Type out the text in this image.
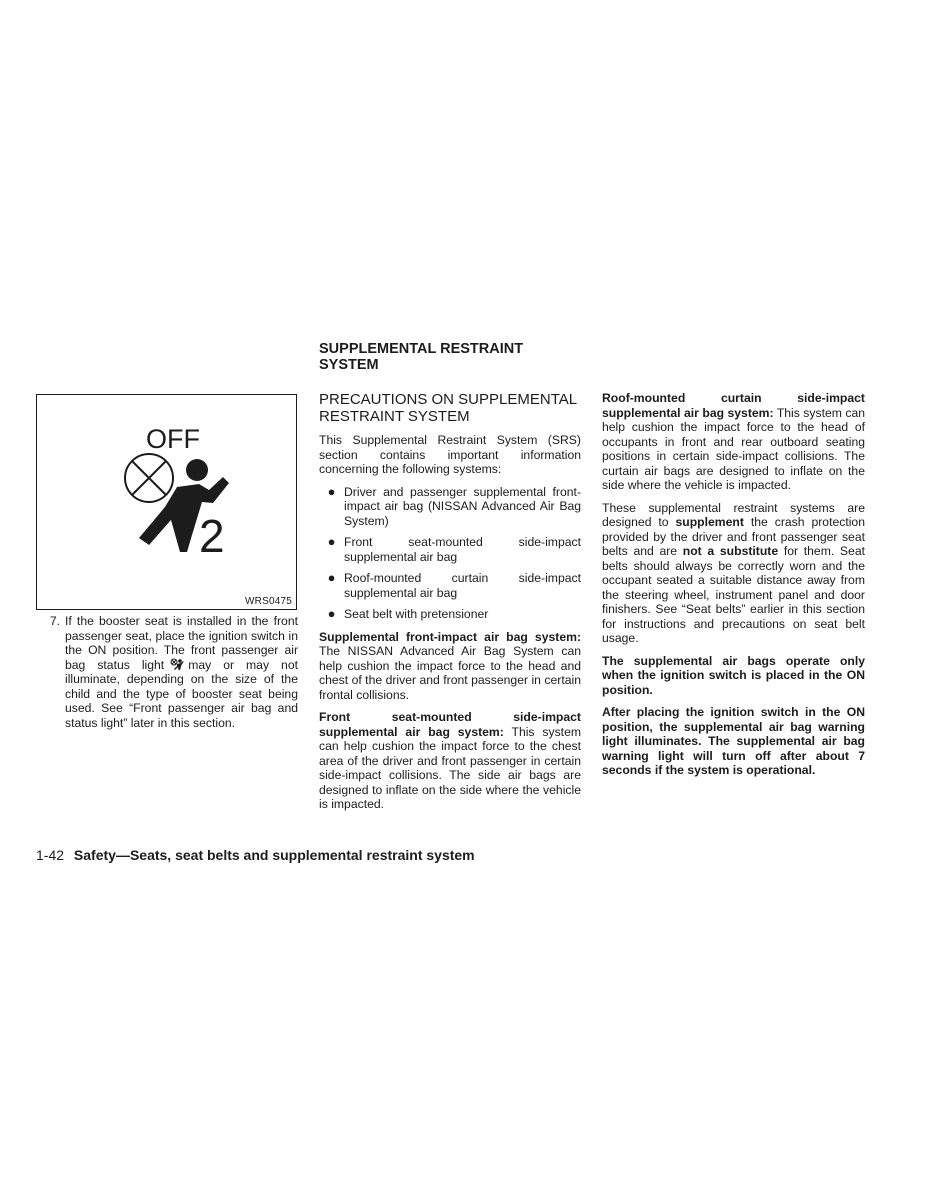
OFF
2
WRS0475
7. If the booster seat is installed in the front passenger seat, place the ignition switch in the ON position. The front passenger air bag status light may or may not illuminate, depending on the size of the child and the type of booster seat being used. See “Front passenger air bag and status light” later in this section.
SUPPLEMENTAL RESTRAINT SYSTEM
PRECAUTIONS ON SUPPLEMENTAL RESTRAINT SYSTEM

This Supplemental Restraint System (SRS) section contains important information concerning the following systems:

● Driver and passenger supplemental front-impact air bag (NISSAN Advanced Air Bag System)
● Front seat-mounted side-impact supplemental air bag
● Roof-mounted curtain side-impact supplemental air bag
● Seat belt with pretensioner

Supplemental front-impact air bag system: The NISSAN Advanced Air Bag System can help cushion the impact force to the head and chest of the driver and front passenger in certain frontal collisions.

Front seat-mounted side-impact supplemental air bag system: This system can help cushion the impact force to the chest area of the driver and front passenger in certain side-impact collisions. The side air bags are designed to inflate on the side where the vehicle is impacted.

Roof-mounted curtain side-impact supplemental air bag system: This system can help cushion the impact force to the head of occupants in front and rear outboard seating positions in certain side-impact collisions. The curtain air bags are designed to inflate on the side where the vehicle is impacted.

These supplemental restraint systems are designed to supplement the crash protection provided by the driver and front passenger seat belts and are not a substitute for them. Seat belts should always be correctly worn and the occupant seated a suitable distance away from the steering wheel, instrument panel and door finishers. See “Seat belts” earlier in this section for instructions and precautions on seat belt usage.

The supplemental air bags operate only when the ignition switch is placed in the ON position.

After placing the ignition switch in the ON position, the supplemental air bag warning light illuminates. The supplemental air bag warning light will turn off after about 7 seconds if the system is operational.

1-42 Safety—Seats, seat belts and supplemental restraint system
